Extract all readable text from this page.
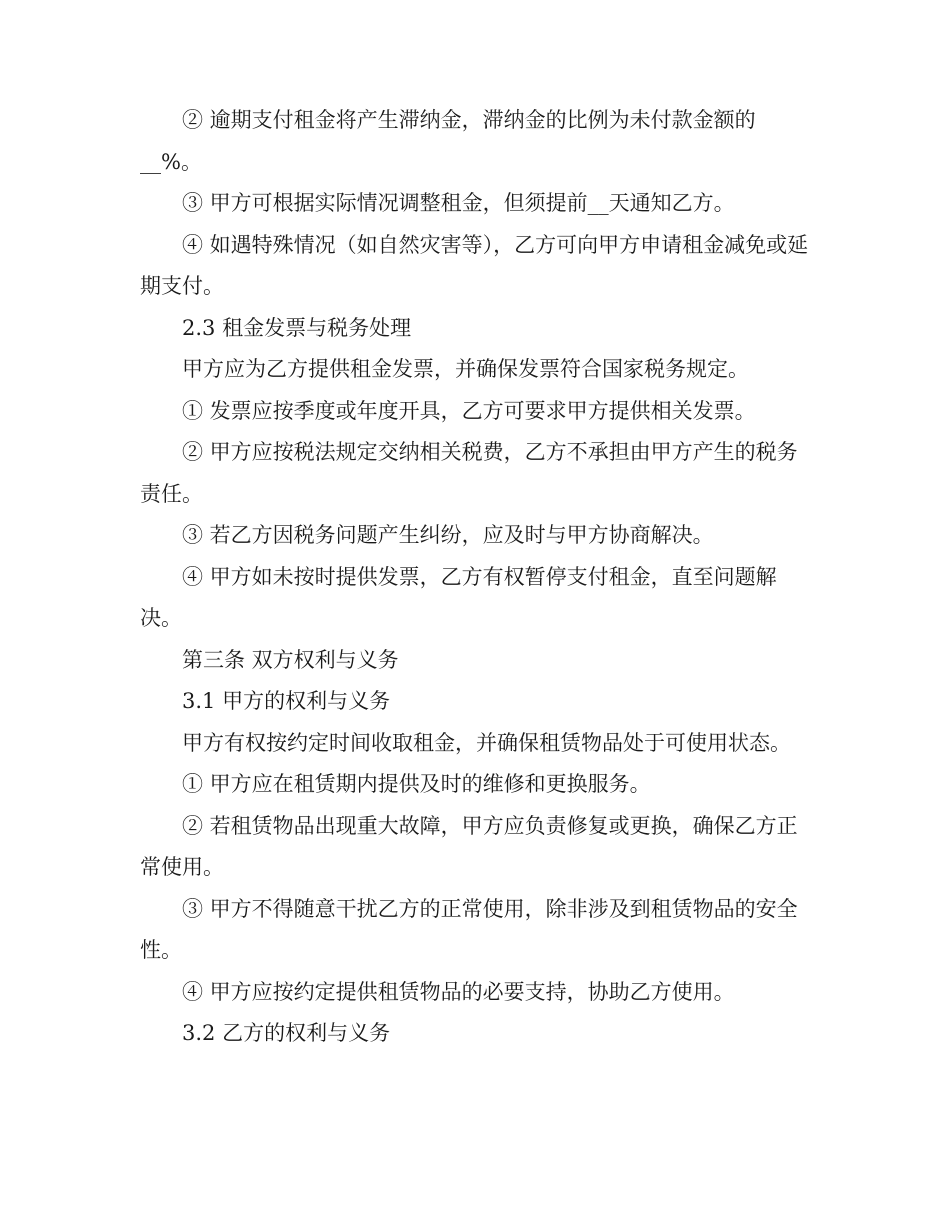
② 逾期支付租金将产生滞纳金，滞纳金的比例为未付款金额的__%。

③ 甲方可根据实际情况调整租金，但须提前__天通知乙方。

④ 如遇特殊情况（如自然灾害等），乙方可向甲方申请租金减免或延期支付。

2.3 租金发票与税务处理

甲方应为乙方提供租金发票，并确保发票符合国家税务规定。

① 发票应按季度或年度开具，乙方可要求甲方提供相关发票。

② 甲方应按税法规定交纳相关税费，乙方不承担由甲方产生的税务责任。

③ 若乙方因税务问题产生纠纷，应及时与甲方协商解决。

④ 甲方如未按时提供发票，乙方有权暂停支付租金，直至问题解决。

第三条 双方权利与义务

3.1 甲方的权利与义务

甲方有权按约定时间收取租金，并确保租赁物品处于可使用状态。

① 甲方应在租赁期内提供及时的维修和更换服务。

② 若租赁物品出现重大故障，甲方应负责修复或更换，确保乙方正常使用。

③ 甲方不得随意干扰乙方的正常使用，除非涉及到租赁物品的安全性。

④ 甲方应按约定提供租赁物品的必要支持，协助乙方使用。

3.2 乙方的权利与义务
